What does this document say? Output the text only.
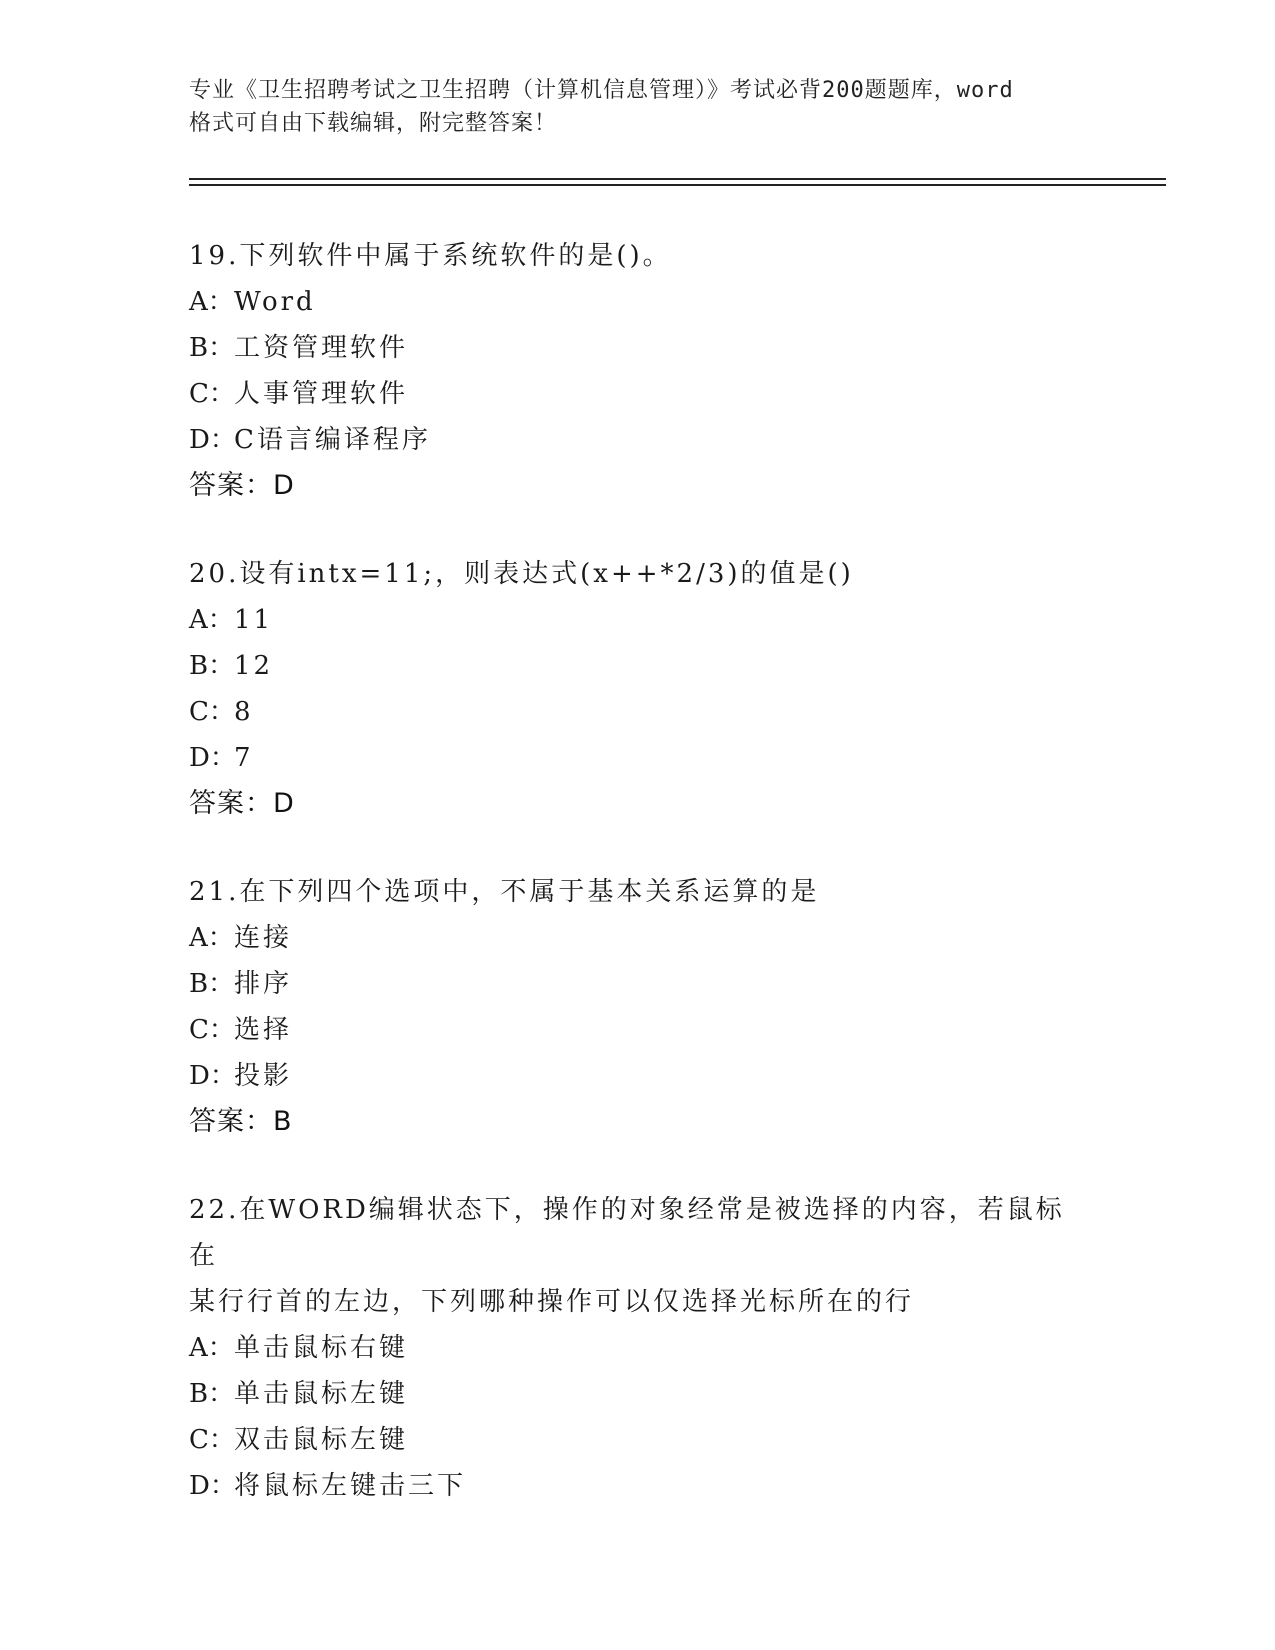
专业《卫生招聘考试之卫生招聘（计算机信息管理）》考试必背200题题库，word
格式可自由下载编辑，附完整答案！
19.下列软件中属于系统软件的是()。
A：Word
B：工资管理软件
C：人事管理软件
D：C语言编译程序
答案：D
20.设有intx=11;，则表达式(x++*2/3)的值是()
A：11
B：12
C：8
D：7
答案：D
21.在下列四个选项中，不属于基本关系运算的是
A：连接
B：排序
C：选择
D：投影
答案：B
22.在WORD编辑状态下，操作的对象经常是被选择的内容，若鼠标在
某行行首的左边，下列哪种操作可以仅选择光标所在的行
A：单击鼠标右键
B：单击鼠标左键
C：双击鼠标左键
D：将鼠标左键击三下
